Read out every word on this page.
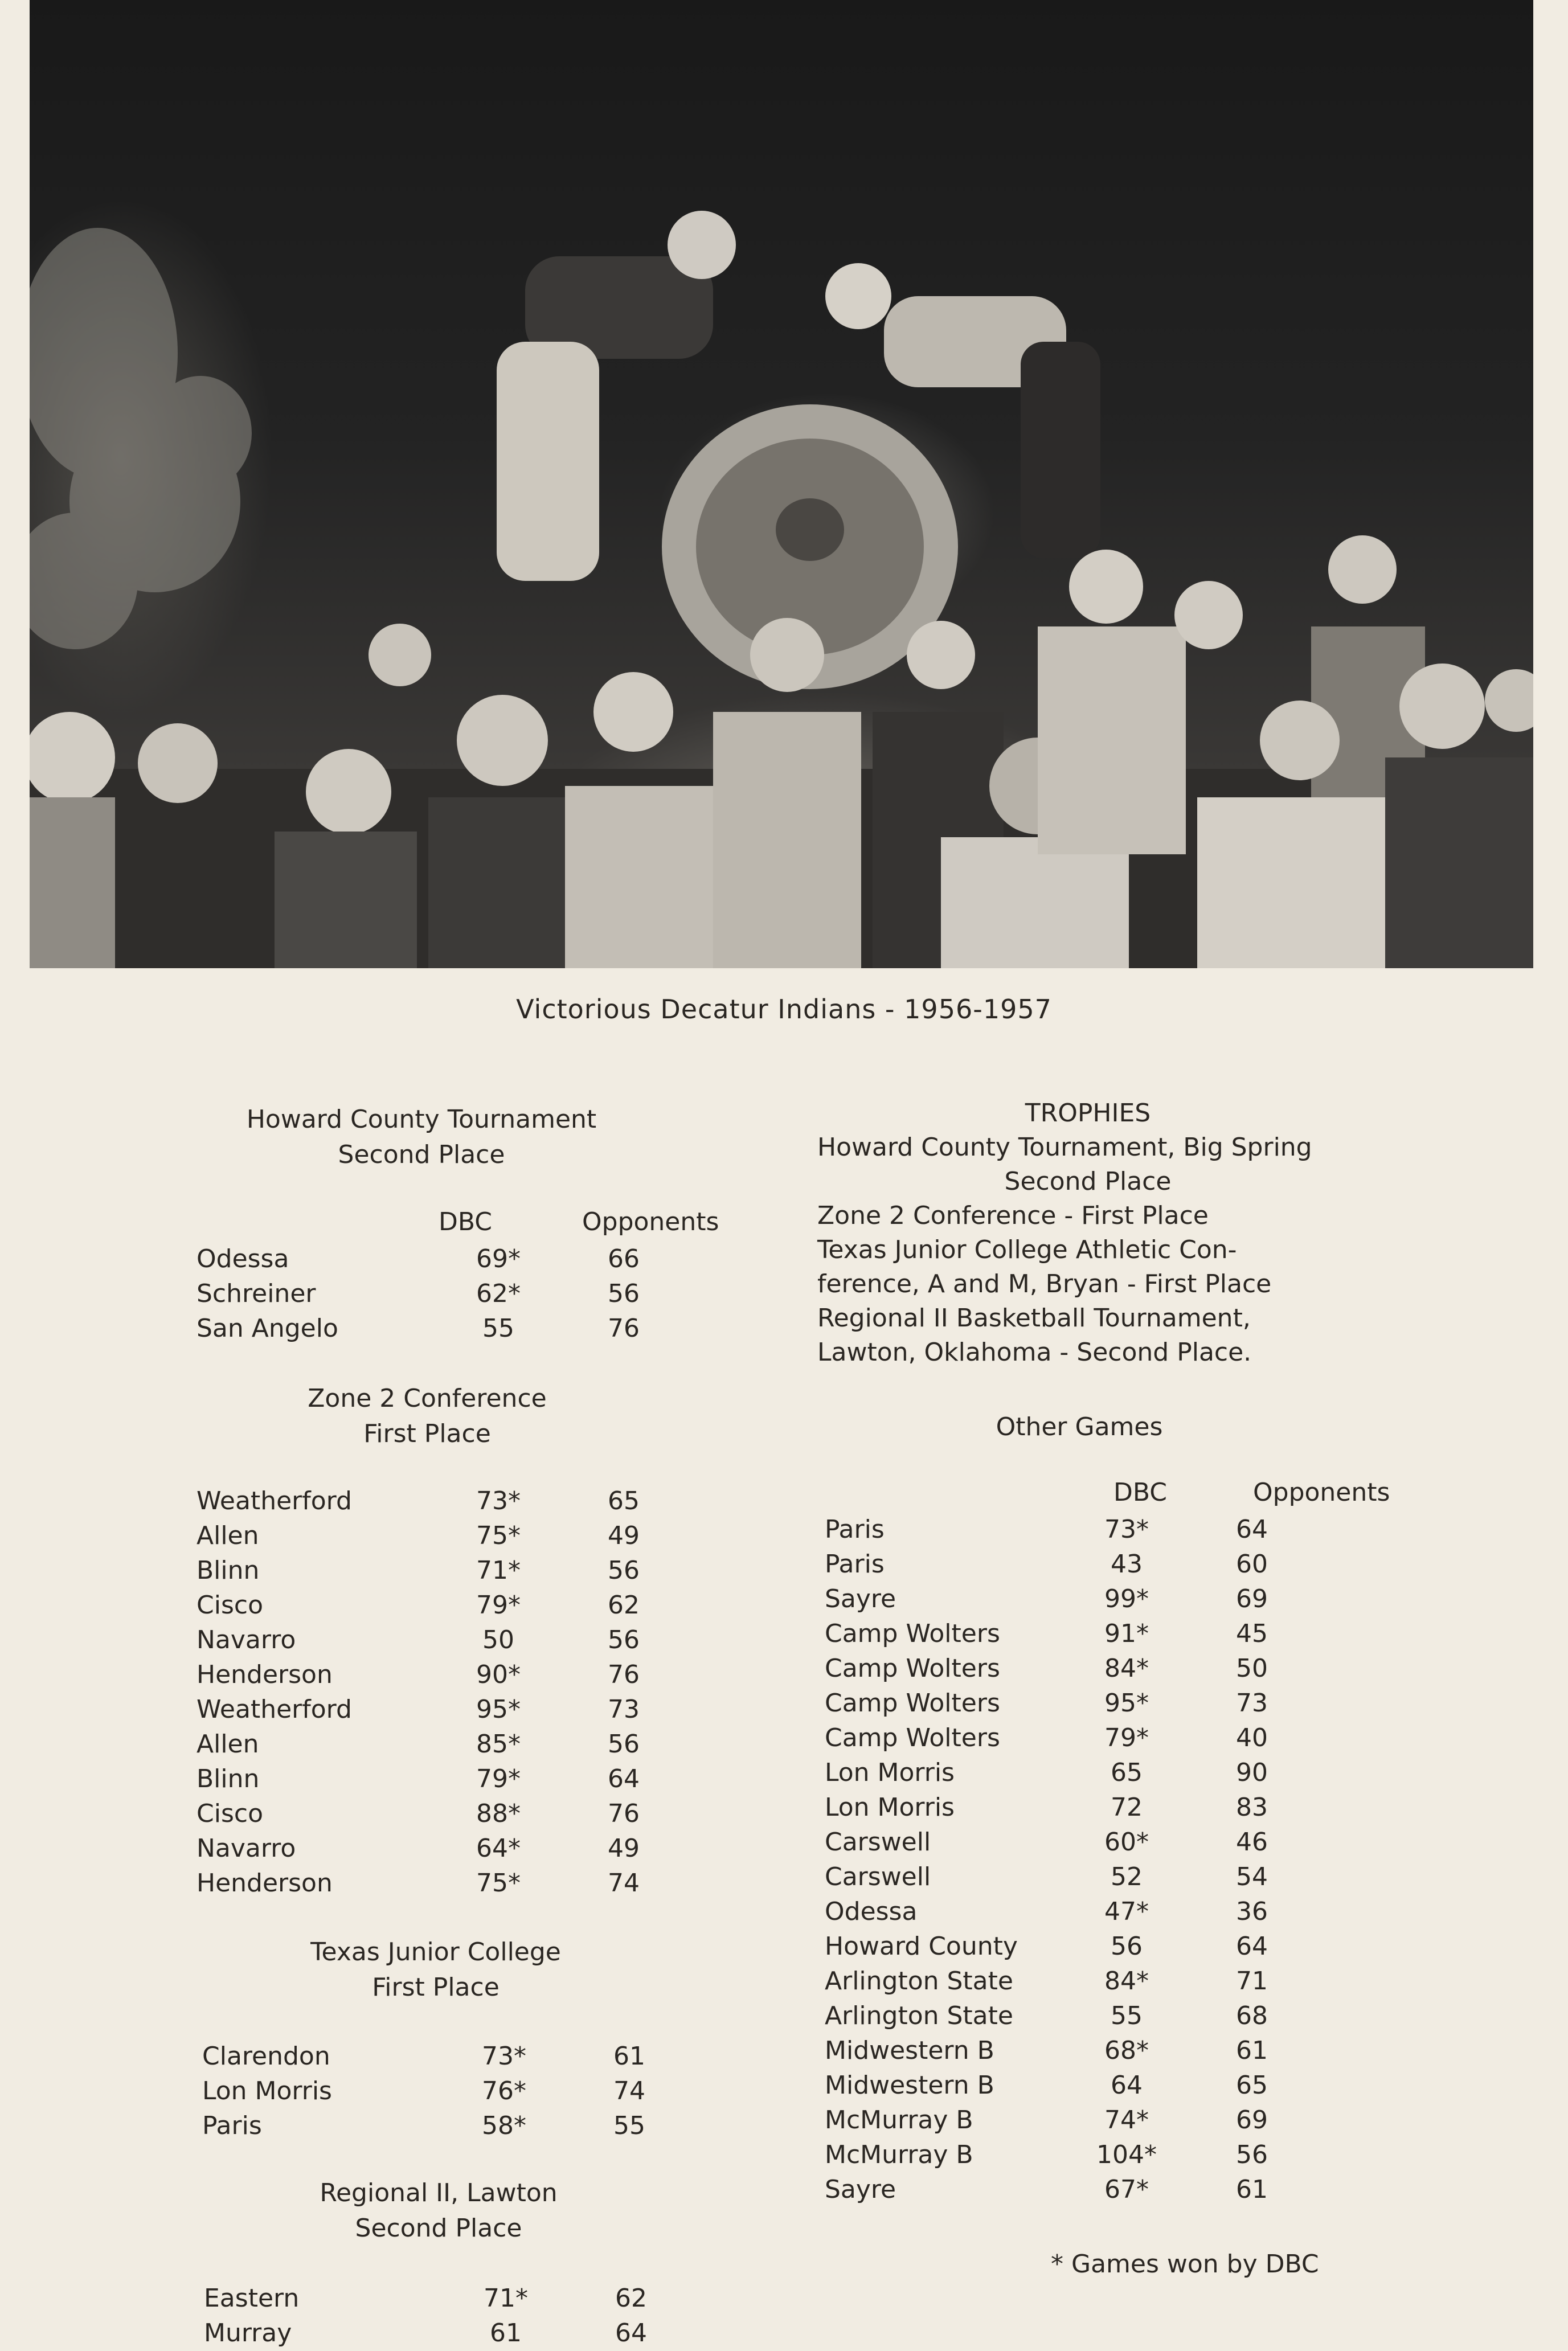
Victorious Decatur Indians - 1956-1957
Howard County Tournament
Second Place
DBC	Opponents
Odessa	69*	66
Schreiner	62*	56
San Angelo	55	76
Zone 2 Conference
First Place
Weatherford	73*	65
Allen	75*	49
Blinn	71*	56
Cisco	79*	62
Navarro	50	56
Henderson	90*	76
Weatherford	95*	73
Allen	85*	56
Blinn	79*	64
Cisco	88*	76
Navarro	64*	49
Henderson	75*	74
Texas Junior College
First Place
Clarendon	73*	61
Lon Morris	76*	74
Paris	58*	55
Regional II, Lawton
Second Place
Eastern	71*	62
Murray	61	64
TROPHIES
Howard County Tournament, Big Spring
Second Place
Zone 2 Conference - First Place
Texas Junior College Athletic Con-
ference, A and M, Bryan - First Place
Regional II Basketball Tournament,
Lawton, Oklahoma - Second Place.
Other Games
DBC	Opponents
Paris	73*	64
Paris	43	60
Sayre	99*	69
Camp Wolters	91*	45
Camp Wolters	84*	50
Camp Wolters	95*	73
Camp Wolters	79*	40
Lon Morris	65	90
Lon Morris	72	83
Carswell	60*	46
Carswell	52	54
Odessa	47*	36
Howard County	56	64
Arlington State	84*	71
Arlington State	55	68
Midwestern B	68*	61
Midwestern B	64	65
McMurray B	74*	69
McMurray B	104*	56
Sayre	67*	61
* Games won by DBC
